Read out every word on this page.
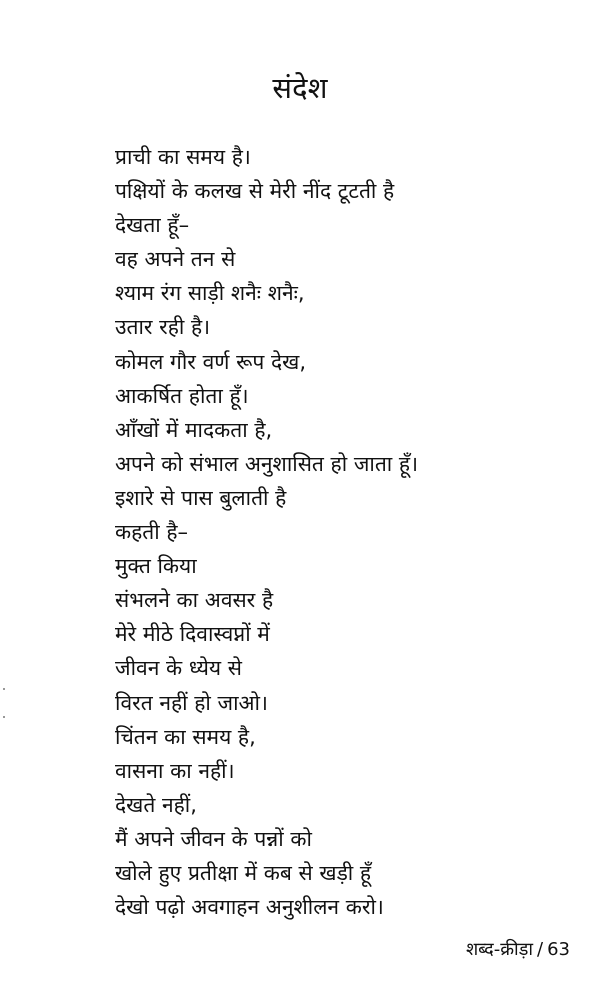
संदेश
प्राची का समय है।
पक्षियों के कलख से मेरी नींद टूटती है
देखता हूँ–
वह अपने तन से
श्याम रंग साड़ी शनैः शनैः,
उतार रही है।
कोमल गौर वर्ण रूप देख,
आकर्षित होता हूँ।
आँखों में मादकता है,
अपने को संभाल अनुशासित हो जाता हूँ।
इशारे से पास बुलाती है
कहती है–
मुक्त किया
संभलने का अवसर है
मेरे मीठे दिवास्वप्नों में
जीवन के ध्येय से
विरत नहीं हो जाओ।
चिंतन का समय है,
वासना का नहीं।
देखते नहीं,
मैं अपने जीवन के पन्नों को
खोले हुए प्रतीक्षा में कब से खड़ी हूँ
देखो पढ़ो अवगाहन अनुशीलन करो।
शब्द-क्रीड़ा / 63
